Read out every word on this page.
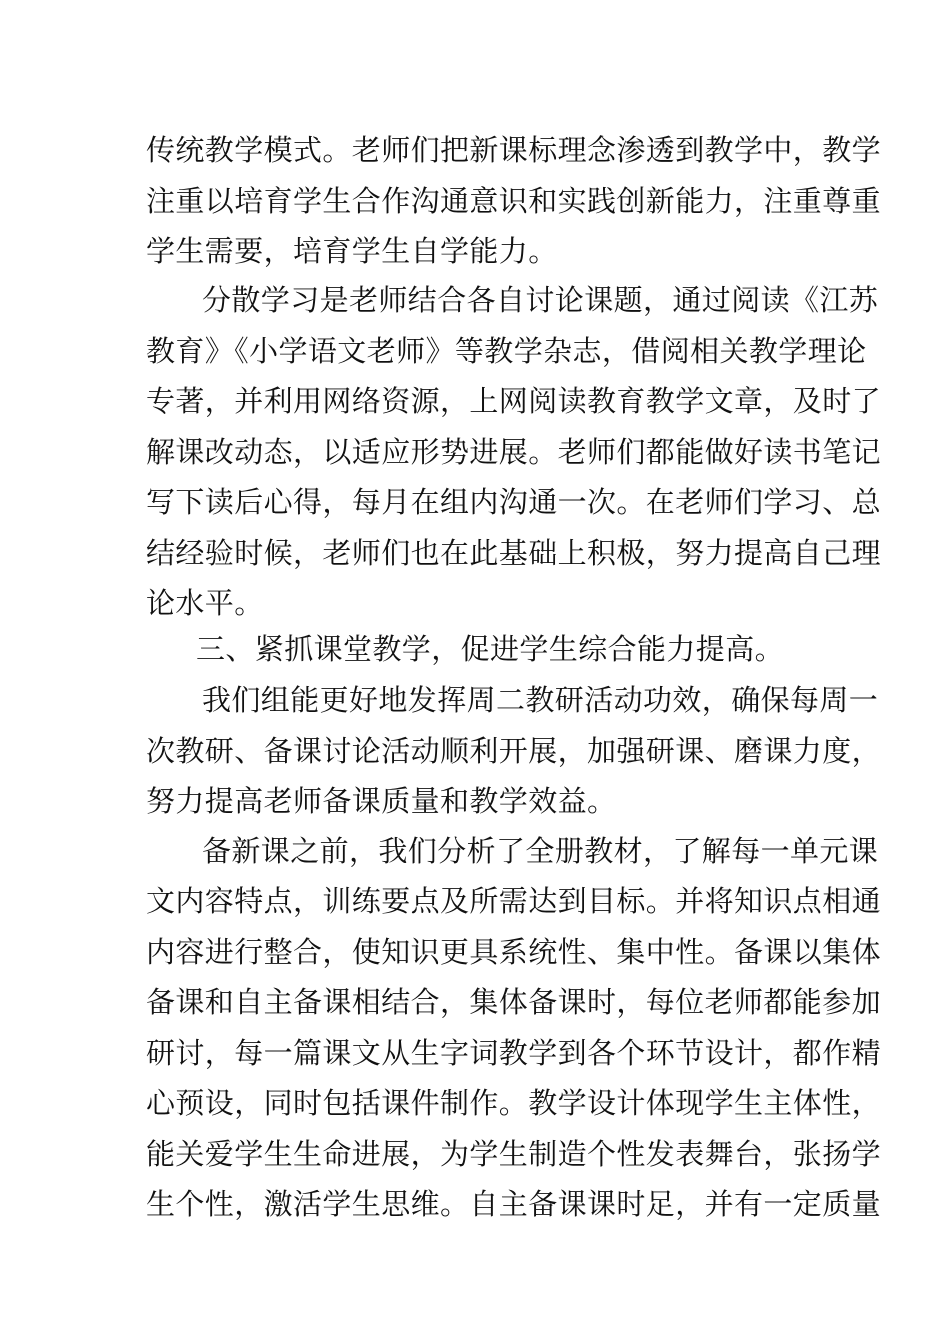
传统教学模式。老师们把新课标理念渗透到教学中，教学

注重以培育学生合作沟通意识和实践创新能力，注重尊重

学生需要，培育学生自学能力。

分散学习是老师结合各自讨论课题，通过阅读《江苏

教育》《小学语文老师》等教学杂志，借阅相关教学理论

专著，并利用网络资源，上网阅读教育教学文章，及时了

解课改动态，以适应形势进展。老师们都能做好读书笔记

写下读后心得，每月在组内沟通一次。在老师们学习、总

结经验时候，老师们也在此基础上积极，努力提高自己理

论水平。

三、紧抓课堂教学，促进学生综合能力提高。

我们组能更好地发挥周二教研活动功效，确保每周一

次教研、备课讨论活动顺利开展，加强研课、磨课力度，

努力提高老师备课质量和教学效益。

备新课之前，我们分析了全册教材，了解每一单元课

文内容特点，训练要点及所需达到目标。并将知识点相通

内容进行整合，使知识更具系统性、集中性。备课以集体

备课和自主备课相结合，集体备课时，每位老师都能参加

研讨，每一篇课文从生字词教学到各个环节设计，都作精

心预设，同时包括课件制作。教学设计体现学生主体性，

能关爱学生生命进展，为学生制造个性发表舞台，张扬学

生个性，激活学生思维。自主备课课时足，并有一定质量
